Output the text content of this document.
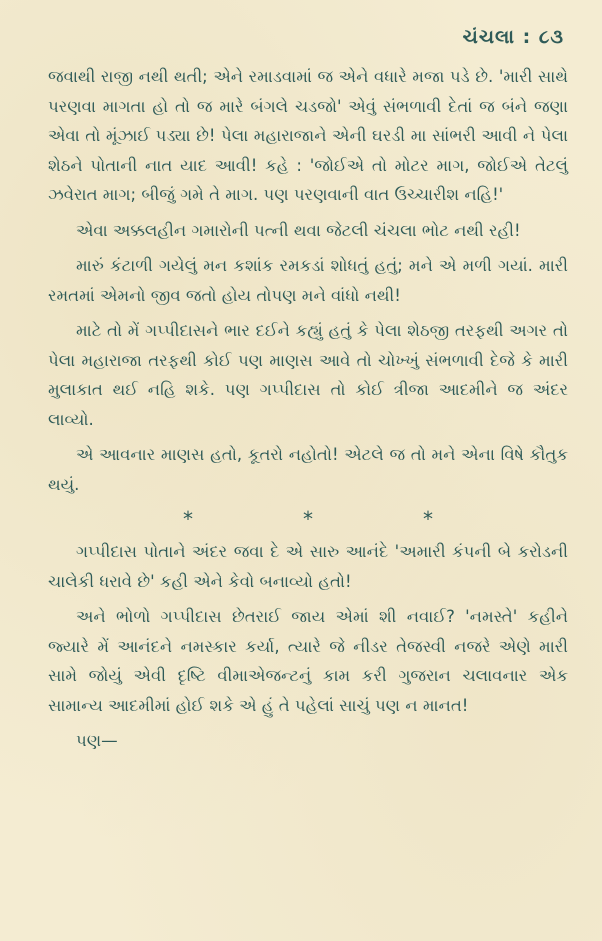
ચંચલા : ૮૩

જવાથી રાજી નથી થતી; એને રમાડવામાં જ એને વધારે મજા પડે છે. 'મારી સાથે પરણવા માગતા હો તો જ મારે બંગલે ચડજો' એવું સંભળાવી દેતાં જ બંને જણા એવા તો મૂંઝાઈ પડ્યા છે! પેલા મહારાજાને એની ઘરડી મા સાંભરી આવી ને પેલા શેઠને પોતાની નાત યાદ આવી! કહે : 'જોઈએ તો મોટર માગ, જોઈએ તેટલું ઝવેરાત માગ; બીજું ગમે તે માગ. પણ પરણવાની વાત ઉચ્ચારીશ નહિ!'

એવા અક્કલહીન ગમારોની પત્ની થવા જેટલી ચંચલા ભોટ નથી રહી!

મારું કંટાળી ગયેલું મન કશાંક રમકડાં શોધતું હતું; મને એ મળી ગયાં. મારી રમતમાં એમનો જીવ જતો હોય તોપણ મને વાંધો નથી!

માટે તો મેં ગપ્પીદાસને ભાર દઈને કહ્યું હતું કે પેલા શેઠજી તરફથી અગર તો પેલા મહારાજા તરફથી કોઈ પણ માણસ આવે તો ચોખ્ખું સંભળાવી દેજે કે મારી મુલાકાત થઈ નહિ શકે. પણ ગપ્પીદાસ તો કોઈ ત્રીજા આદમીને જ અંદર લાવ્યો.

એ આવનાર માણસ હતો, કૂતરો નહોતો! એટલે જ તો મને એના વિષે કૌતુક થયું.

*	*	*

ગપ્પીદાસ પોતાને અંદર જવા દે એ સારુ આનંદે 'અમારી કંપની બે કરોડની ચાલેકી ધરાવે છે' કહી એને કેવો બનાવ્યો હતો!

અને ભોળો ગપ્પીદાસ છેતરાઈ જાય એમાં શી નવાઈ? 'નમસ્તે' કહીને જ્યારે મેં આનંદને નમસ્કાર કર્યા, ત્યારે જે નીડર તેજસ્વી નજરે એણે મારી સામે જોયું એવી દૃષ્ટિ વીમાએજન્ટનું કામ કરી ગુજરાન ચલાવનાર એક સામાન્ય આદમીમાં હોઈ શકે એ હું તે પહેલાં સાચું પણ ન માનત!

પણ—
